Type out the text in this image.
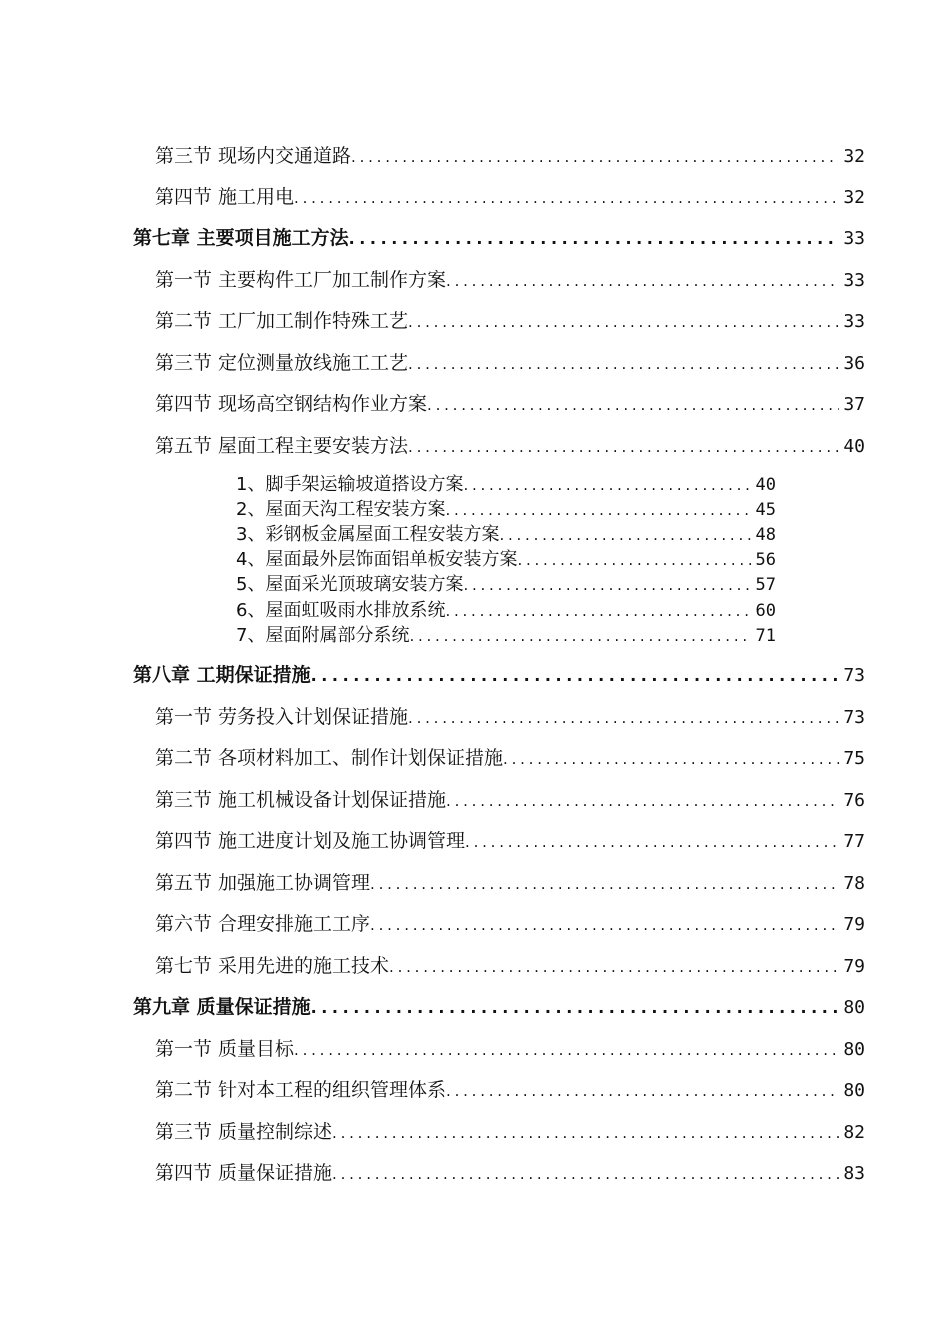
第三节 现场内交通道路 . . .	32
第四节 施工用电 . . .	32
第七章 主要项目施工方法 . . .	33
第一节 主要构件工厂加工制作方案 . . .	33
第二节 工厂加工制作特殊工艺 . . .	33
第三节 定位测量放线施工工艺 . . .	36
第四节 现场高空钢结构作业方案 . . .	37
第五节 屋面工程主要安装方法 . . .	40
1、脚手架运输坡道搭设方案 . . .	40
2、屋面天沟工程安装方案 . . .	45
3、彩钢板金属屋面工程安装方案 . . .	48
4、屋面最外层饰面铝单板安装方案 . . .	56
5、屋面采光顶玻璃安装方案 . . .	57
6、屋面虹吸雨水排放系统 . . .	60
7、屋面附属部分系统 . . .	71
第八章 工期保证措施 . . .	73
第一节 劳务投入计划保证措施 . . .	73
第二节 各项材料加工、制作计划保证措施 . . .	75
第三节 施工机械设备计划保证措施 . . .	76
第四节 施工进度计划及施工协调管理 . . .	77
第五节 加强施工协调管理 . . .	78
第六节 合理安排施工工序 . . .	79
第七节 采用先进的施工技术 . . .	79
第九章 质量保证措施 . . .	80
第一节 质量目标 . . .	80
第二节 针对本工程的组织管理体系 . . .	80
第三节 质量控制综述 . . .	82
第四节 质量保证措施 . . .	83
